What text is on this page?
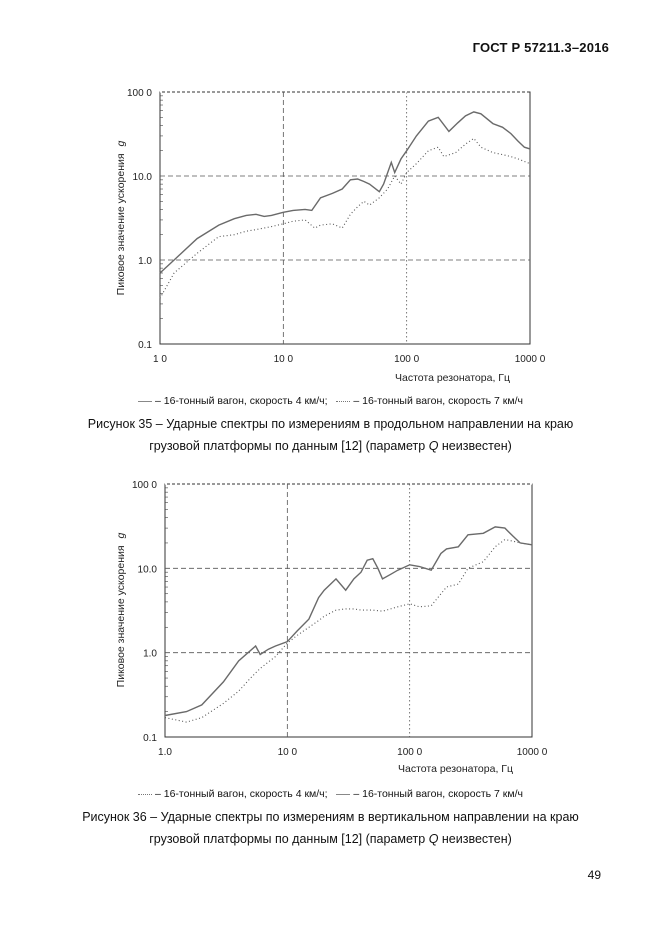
ГОСТ Р 57211.3–2016
1 0	10 0	100 0	1000 0
0.1
1.0
10.0
100 0
Частота резонатора, Гц
Пиковое значение ускорения g
– 16-тонный вагон, скорость 4 км/ч; – 16-тонный вагон, скорость 7 км/ч
Рисунок 35 – Ударные спектры по измерениям в продольном направлении на краю
грузовой платформы по данным [12] (параметр Q неизвестен)
1.0	10 0	100 0	1000 0
0.1
1.0
10.0
100 0
Частота резонатора, Гц
Пиковое значение ускорения g
– 16-тонный вагон, скорость 4 км/ч; – 16-тонный вагон, скорость 7 км/ч
Рисунок 36 – Ударные спектры по измерениям в вертикальном направлении на краю
грузовой платформы по данным [12] (параметр Q неизвестен)
49
